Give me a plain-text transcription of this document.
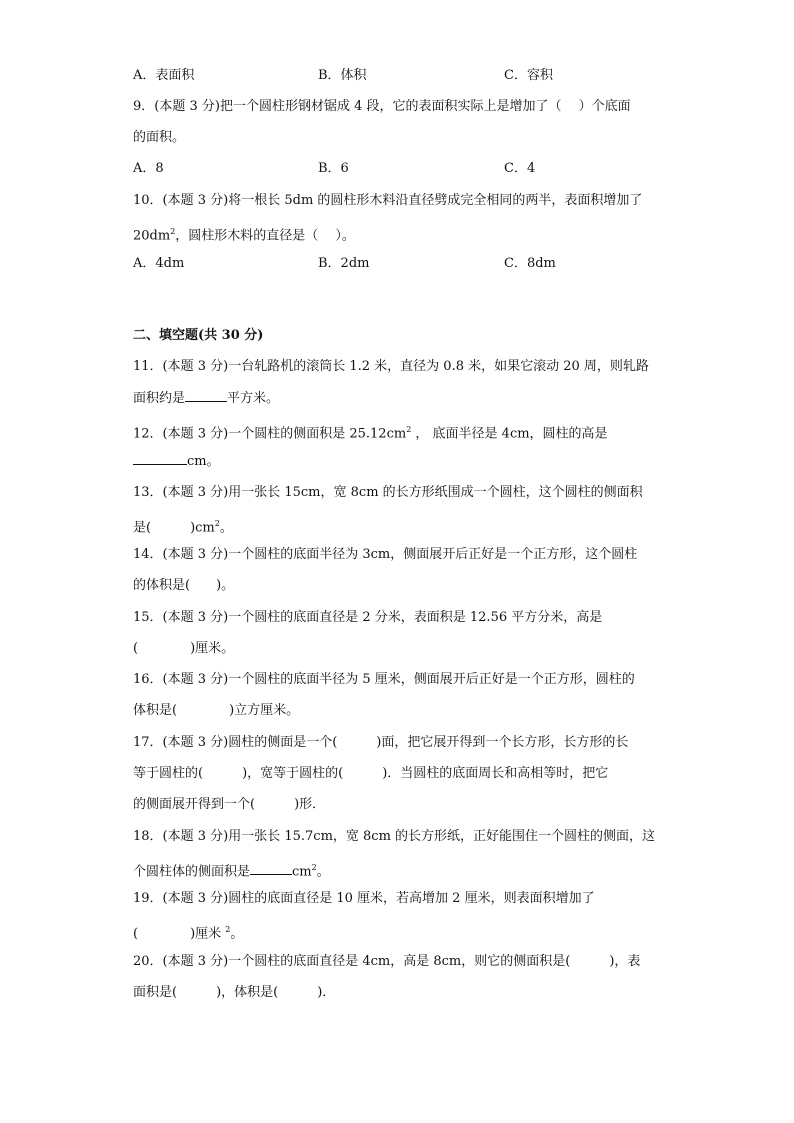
A．表面积	B．体积	C．容积
9．(本题 3 分)把一个圆柱形钢材锯成 4 段，它的表面积实际上是增加了（　 ）个底面
的面积。
A．8	B．6	C．4
10．(本题 3 分)将一根长 5dm 的圆柱形木料沿直径劈成完全相同的两半，表面积增加了
$20dm^2$，圆柱形木料的直径是（　 ）。
A．4dm	B．2dm	C．8dm
二、填空题(共 30 分)
11．(本题 3 分)一台轧路机的滚筒长 1.2 米，直径为 0.8 米，如果它滚动 20 周，则轧路
面积约是	平方米。
12．(本题 3 分)一个圆柱的侧面积是 $25.12cm^2$ ， 底面半径是 4cm，圆柱的高是
cm。
13．(本题 3 分)用一张长 15cm，宽 8cm 的长方形纸围成一个圆柱，这个圆柱的侧面积
是(　　　)$cm^2$。
14．(本题 3 分)一个圆柱的底面半径为 3cm，侧面展开后正好是一个正方形，这个圆柱
的体积是(　　)。
15．(本题 3 分)一个圆柱的底面直径是 2 分米，表面积是 12.56 平方分米，高是
(　　　　)厘米。
16．(本题 3 分)一个圆柱的底面半径为 5 厘米，侧面展开后正好是一个正方形，圆柱的
体积是(　　　　)立方厘米。
17．(本题 3 分)圆柱的侧面是一个(　　　)面，把它展开得到一个长方形，长方形的长
等于圆柱的(　　　)，宽等于圆柱的(　　　)．当圆柱的底面周长和高相等时，把它
的侧面展开得到一个(　　　)形．
18．(本题 3 分)用一张长 15.7cm，宽 8cm 的长方形纸，正好能围住一个圆柱的侧面，这
个圆柱体的侧面积是	$cm^2$。
19．(本题 3 分)圆柱的底面直径是 10 厘米，若高增加 2 厘米，则表面积增加了
(　　　　)厘米 $^2$。
20．(本题 3 分)一个圆柱的底面直径是 4cm，高是 8cm，则它的侧面积是(　　　)，表
面积是(　　　)，体积是(　　　)．
